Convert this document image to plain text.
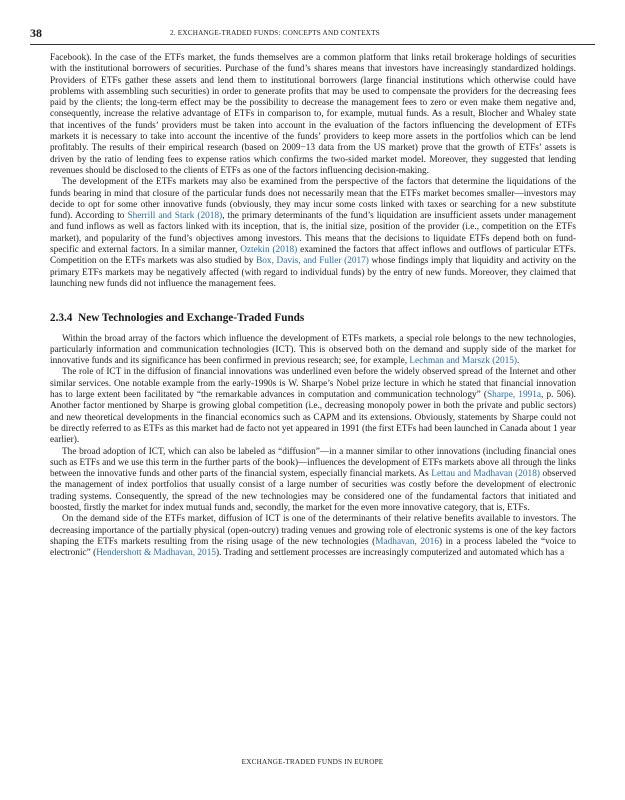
38	2. EXCHANGE-TRADED FUNDS: CONCEPTS AND CONTEXTS

Facebook). In the case of the ETFs market, the funds themselves are a common platform that links retail brokerage holdings of securities with the institutional borrowers of securities. Purchase of the fund’s shares means that investors have increasingly standardized holdings. Providers of ETFs gather these assets and lend them to institutional borrowers (large financial institutions which otherwise could have problems with assembling such securities) in order to generate profits that may be used to compensate the providers for the decreasing fees paid by the clients; the long-term effect may be the possibility to decrease the management fees to zero or even make them negative and, consequently, increase the relative advantage of ETFs in comparison to, for example, mutual funds. As a result, Blocher and Whaley state that incentives of the funds’ providers must be taken into account in the evaluation of the factors influencing the development of ETFs markets it is necessary to take into account the incentive of the funds’ providers to keep more assets in the portfolios which can be lend profitably. The results of their empirical research (based on 2009−13 data from the US market) prove that the growth of ETFs’ assets is driven by the ratio of lending fees to expense ratios which confirms the two-sided market model. Moreover, they suggested that lending revenues should be disclosed to the clients of ETFs as one of the factors influencing decision-making.

The development of the ETFs markets may also be examined from the perspective of the factors that determine the liquidations of the funds bearing in mind that closure of the particular funds does not necessarily mean that the ETFs market becomes smaller—investors may decide to opt for some other innovative funds (obviously, they may incur some costs linked with taxes or searching for a new substitute fund). According to Sherrill and Stark (2018), the primary determinants of the fund’s liquidation are insufficient assets under management and fund inflows as well as factors linked with its inception, that is, the initial size, position of the provider (i.e., competition on the ETFs market), and popularity of the fund’s objectives among investors. This means that the decisions to liquidate ETFs depend both on fund-specific and external factors. In a similar manner, Oztekin (2018) examined the factors that affect inflows and outflows of particular ETFs. Competition on the ETFs markets was also studied by Box, Davis, and Fuller (2017) whose findings imply that liquidity and activity on the primary ETFs markets may be negatively affected (with regard to individual funds) by the entry of new funds. Moreover, they claimed that launching new funds did not influence the management fees.

2.3.4 New Technologies and Exchange-Traded Funds

Within the broad array of the factors which influence the development of ETFs markets, a special role belongs to the new technologies, particularly information and communication technologies (ICT). This is observed both on the demand and supply side of the market for innovative funds and its significance has been confirmed in previous research; see, for example, Lechman and Marszk (2015).

The role of ICT in the diffusion of financial innovations was underlined even before the widely observed spread of the Internet and other similar services. One notable example from the early-1990s is W. Sharpe’s Nobel prize lecture in which he stated that financial innovation has to large extent been facilitated by “the remarkable advances in computation and communication technology” (Sharpe, 1991a, p. 506). Another factor mentioned by Sharpe is growing global competition (i.e., decreasing monopoly power in both the private and public sectors) and new theoretical developments in the financial economics such as CAPM and its extensions. Obviously, statements by Sharpe could not be directly referred to as ETFs as this market had de facto not yet appeared in 1991 (the first ETFs had been launched in Canada about 1 year earlier).

The broad adoption of ICT, which can also be labeled as “diffusion”—in a manner similar to other innovations (including financial ones such as ETFs and we use this term in the further parts of the book)—influences the development of ETFs markets above all through the links between the innovative funds and other parts of the financial system, especially financial markets. As Lettau and Madhavan (2018) observed the management of index portfolios that usually consist of a large number of securities was costly before the development of electronic trading systems. Consequently, the spread of the new technologies may be considered one of the fundamental factors that initiated and boosted, firstly the market for index mutual funds and, secondly, the market for the even more innovative category, that is, ETFs.

On the demand side of the ETFs market, diffusion of ICT is one of the determinants of their relative benefits available to investors. The decreasing importance of the partially physical (open-outcry) trading venues and growing role of electronic systems is one of the key factors shaping the ETFs markets resulting from the rising usage of the new technologies (Madhavan, 2016) in a process labeled the “voice to electronic” (Hendershott & Madhavan, 2015). Trading and settlement processes are increasingly computerized and automated which has a

EXCHANGE-TRADED FUNDS IN EUROPE
